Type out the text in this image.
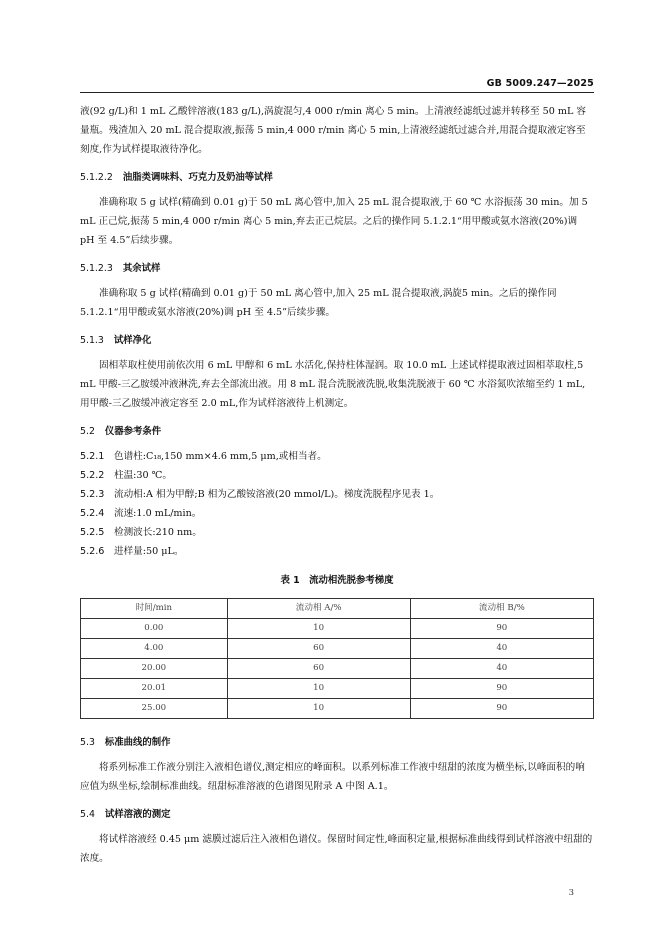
GB 5009.247—2025

液(92 g/L)和 1 mL 乙酸锌溶液(183 g/L),涡旋混匀,4 000 r/min 离心 5 min。上清液经滤纸过滤并转移至 50 mL 容量瓶。残渣加入 20 mL 混合提取液,振荡 5 min,4 000 r/min 离心 5 min,上清液经滤纸过滤合并,用混合提取液定容至刻度,作为试样提取液待净化。

5.1.2.2 油脂类调味料、巧克力及奶油等试样

准确称取 5 g 试样(精确到 0.01 g)于 50 mL 离心管中,加入 25 mL 混合提取液,于 60 ℃ 水浴振荡 30 min。加 5 mL 正己烷,振荡 5 min,4 000 r/min 离心 5 min,弃去正己烷层。之后的操作同 5.1.2.1“用甲酸或氨水溶液(20%)调 pH 至 4.5”后续步骤。

5.1.2.3 其余试样

准确称取 5 g 试样(精确到 0.01 g)于 50 mL 离心管中,加入 25 mL 混合提取液,涡旋5 min。之后的操作同 5.1.2.1“用甲酸或氨水溶液(20%)调 pH 至 4.5”后续步骤。

5.1.3 试样净化

固相萃取柱使用前依次用 6 mL 甲醇和 6 mL 水活化,保持柱体湿润。取 10.0 mL 上述试样提取液过固相萃取柱,5 mL 甲酸-三乙胺缓冲液淋洗,弃去全部流出液。用 8 mL 混合洗脱液洗脱,收集洗脱液于 60 ℃ 水浴氮吹浓缩至约 1 mL,用甲酸-三乙胺缓冲液定容至 2.0 mL,作为试样溶液待上机测定。

5.2 仪器参考条件
5.2.1 色谱柱:C₁₈,150 mm×4.6 mm,5 μm,或相当者。
5.2.2 柱温:30 ℃。
5.2.3 流动相:A 相为甲醇;B 相为乙酸铵溶液(20 mmol/L)。梯度洗脱程序见表 1。
5.2.4 流速:1.0 mL/min。
5.2.5 检测波长:210 nm。
5.2.6 进样量:50 μL。
表 1　流动相洗脱参考梯度
时间/min	流动相 A/%	流动相 B/%
0.00	10	90
4.00	60	40
20.00	60	40
20.01	10	90
25.00	10	90
5.3 标准曲线的制作

将系列标准工作液分别注入液相色谱仪,测定相应的峰面积。以系列标准工作液中纽甜的浓度为横坐标,以峰面积的响应值为纵坐标,绘制标准曲线。纽甜标准溶液的色谱图见附录 A 中图 A.1。

5.4 试样溶液的测定

将试样溶液经 0.45 μm 滤膜过滤后注入液相色谱仪。保留时间定性,峰面积定量,根据标准曲线得到试样溶液中纽甜的浓度。

3
